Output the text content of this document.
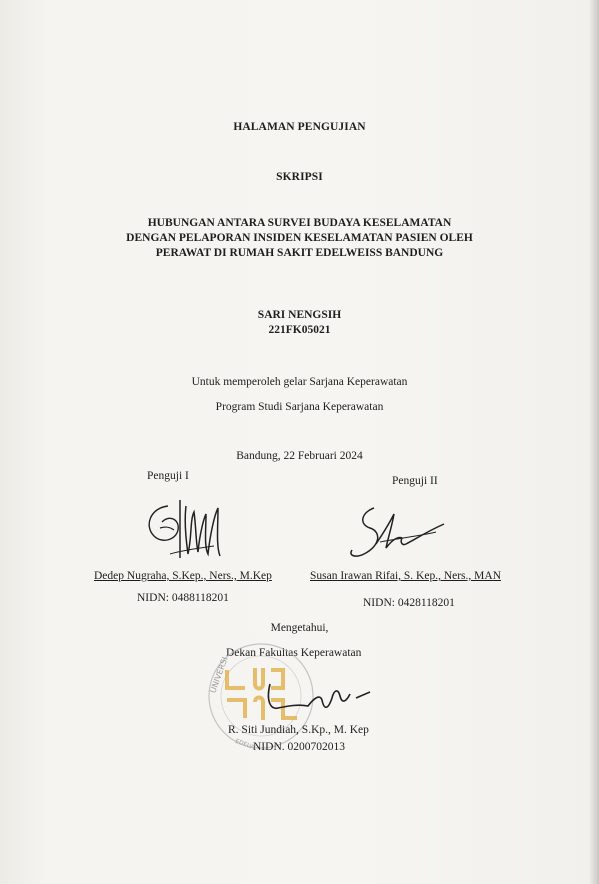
HALAMAN PENGUJIAN
SKRIPSI
HUBUNGAN ANTARA SURVEI BUDAYA KESELAMATAN
DENGAN PELAPORAN INSIDEN KESELAMATAN PASIEN OLEH
PERAWAT DI RUMAH SAKIT EDELWEISS BANDUNG
SARI NENGSIH
221FK05021
Untuk memperoleh gelar Sarjana Keperawatan
Program Studi Sarjana Keperawatan
Bandung, 22 Februari 2024
Penguji I
Dedep Nugraha, S.Kep., Ners., M.Kep
NIDN: 0488118201
Penguji II
Susan Irawan Rifai, S. Kep., Ners., MAN
NIDN: 0428118201
Mengetahui,
Dekan Fakultas Keperawatan
UNIVERSI
EDELW
R. Siti Jundiah, S.Kp., M. Kep
NIDN. 0200702013
